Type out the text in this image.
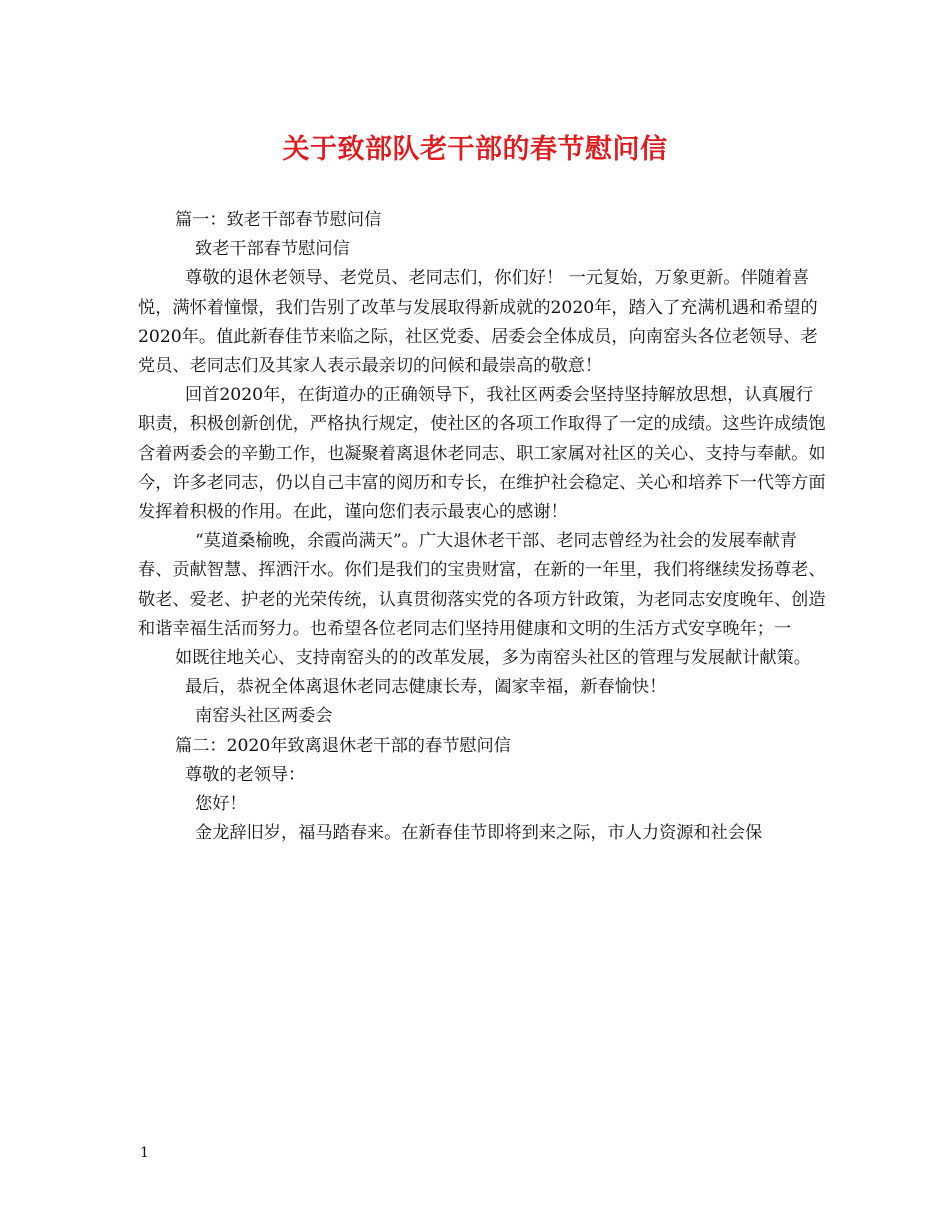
关于致部队老干部的春节慰问信

篇一：致老干部春节慰问信

致老干部春节慰问信

尊敬的退休老领导、老党员、老同志们，你们好！ 一元复始，万象更新。伴随着喜悦，满怀着憧憬，我们告别了改革与发展取得新成就的2020年，踏入了充满机遇和希望的2020年。值此新春佳节来临之际，社区党委、居委会全体成员，向南窑头各位老领导、老党员、老同志们及其家人表示最亲切的问候和最崇高的敬意！

回首2020年，在街道办的正确领导下，我社区两委会坚持坚持解放思想，认真履行职责，积极创新创优，严格执行规定，使社区的各项工作取得了一定的成绩。这些许成绩饱含着两委会的辛勤工作，也凝聚着离退休老同志、职工家属对社区的关心、支持与奉献。如今，许多老同志，仍以自己丰富的阅历和专长，在维护社会稳定、关心和培养下一代等方面发挥着积极的作用。在此，谨向您们表示最衷心的感谢！

“莫道桑榆晚，余霞尚满天”。广大退休老干部、老同志曾经为社会的发展奉献青春、贡献智慧、挥洒汗水。你们是我们的宝贵财富，在新的一年里，我们将继续发扬尊老、敬老、爱老、护老的光荣传统，认真贯彻落实党的各项方针政策，为老同志安度晚年、创造和谐幸福生活而努力。也希望各位老同志们坚持用健康和文明的生活方式安享晚年；一

如既往地关心、支持南窑头的的改革发展，多为南窑头社区的管理与发展献计献策。

最后，恭祝全体离退休老同志健康长寿，阖家幸福，新春愉快！

南窑头社区两委会

篇二：2020年致离退休老干部的春节慰问信

尊敬的老领导：

您好！

金龙辞旧岁，福马踏春来。在新春佳节即将到来之际，市人力资源和社会保

1
